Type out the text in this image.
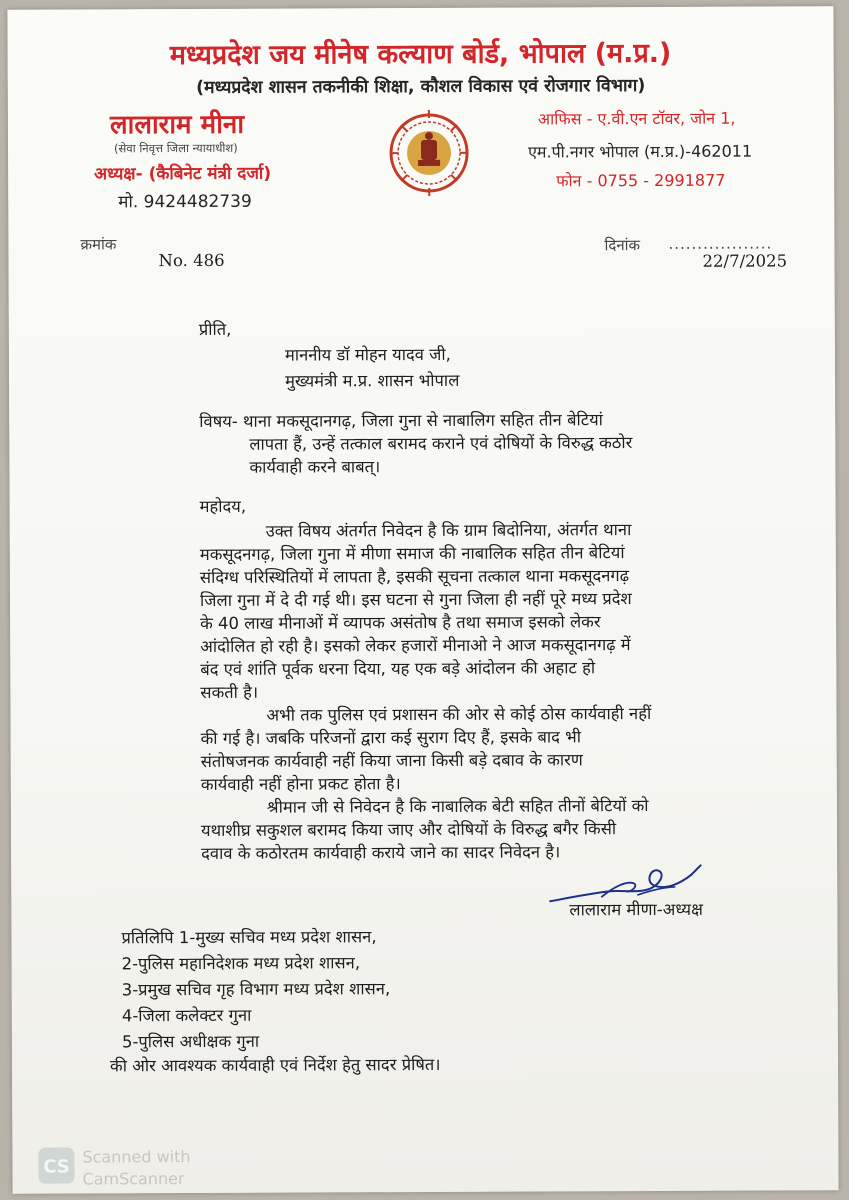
मध्यप्रदेश जय मीनेष कल्याण बोर्ड, भोपाल (म.प्र.)
(मध्यप्रदेश शासन तकनीकी शिक्षा, कौशल विकास एवं रोजगार विभाग)
लालाराम मीना
(सेवा निवृत्त जिला न्यायाधीश)
अध्यक्ष- (कैबिनेट मंत्री दर्जा)
मो. 9424482739
आफिस - ए.वी.एन टॉवर, जोन 1,
एम.पी.नगर भोपाल (म.प्र.)-462011
फोन - 0755 - 2991877
क्रमांक
No. 486
दिनांक ..................
22/7/2025
प्रीति,
माननीय डॉ मोहन यादव जी,
मुख्यमंत्री म.प्र. शासन भोपाल
विषय- थाना मकसूदानगढ़, जिला गुना से नाबालिग सहित तीन बेटियां
लापता हैं, उन्हें तत्काल बरामद कराने एवं दोषियों के विरुद्ध कठोर
कार्यवाही करने बाबत्।
महोदय,
उक्त विषय अंतर्गत निवेदन है कि ग्राम बिदोनिया, अंतर्गत थाना
मकसूदनगढ़, जिला गुना में मीणा समाज की नाबालिक सहित तीन बेटियां
संदिग्ध परिस्थितियों में लापता है, इसकी सूचना तत्काल थाना मकसूदनगढ़
जिला गुना में दे दी गई थी। इस घटना से गुना जिला ही नहीं पूरे मध्य प्रदेश
के 40 लाख मीनाओं में व्यापक असंतोष है तथा समाज इसको लेकर
आंदोलित हो रही है। इसको लेकर हजारों मीनाओ ने आज मकसूदानगढ़ में
बंद एवं शांति पूर्वक धरना दिया, यह एक बड़े आंदोलन की अहाट हो
सकती है।
अभी तक पुलिस एवं प्रशासन की ओर से कोई ठोस कार्यवाही नहीं
की गई है। जबकि परिजनों द्वारा कई सुराग दिए हैं, इसके बाद भी
संतोषजनक कार्यवाही नहीं किया जाना किसी बड़े दबाव के कारण
कार्यवाही नहीं होना प्रकट होता है।
श्रीमान जी से निवेदन है कि नाबालिक बेटी सहित तीनों बेटियों को
यथाशीघ्र सकुशल बरामद किया जाए और दोषियों के विरुद्ध बगैर किसी
दवाव के कठोरतम कार्यवाही कराये जाने का सादर निवेदन है।
लालाराम मीणा-अध्यक्ष
प्रतिलिपि 1-मुख्य सचिव मध्य प्रदेश शासन,
2-पुलिस महानिदेशक मध्य प्रदेश शासन,
3-प्रमुख सचिव गृह विभाग मध्य प्रदेश शासन,
4-जिला कलेक्टर गुना
5-पुलिस अधीक्षक गुना
की ओर आवश्यक कार्यवाही एवं निर्देश हेतु सादर प्रेषित।
CS Scanned with
CamScanner
